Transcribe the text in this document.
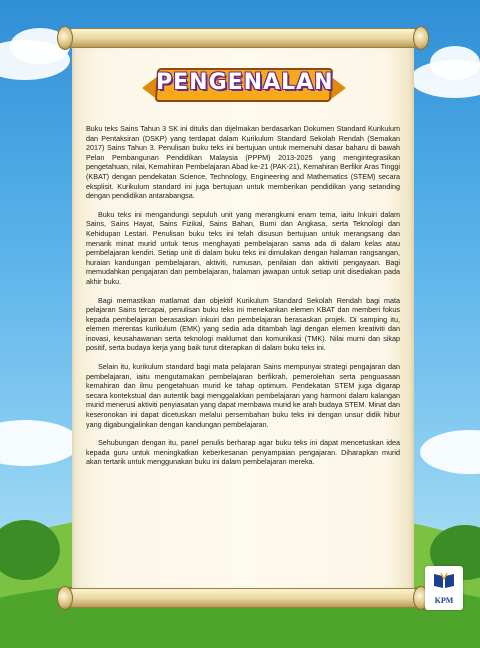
PENGENALAN

Buku teks Sains Tahun 3 SK ini ditulis dan dijelmakan berdasarkan Dokumen Standard Kurikulum dan Pentaksiran (DSKP) yang terdapat dalam Kurikulum Standard Sekolah Rendah (Semakan 2017) Sains Tahun 3. Penulisan buku teks ini bertujuan untuk memenuhi dasar baharu di bawah Pelan Pembangunan Pendidikan Malaysia (PPPM) 2013-2025 yang mengintegrasikan pengetahuan, nilai, Kemahiran Pembelajaran Abad ke-21 (PAK-21), Kemahiran Berfikir Aras Tinggi (KBAT) dengan pendekatan Science, Technology, Engineering and Mathematics (STEM) secara eksplisit. Kurikulum standard ini juga bertujuan untuk memberikan pendidikan yang setanding dengan pendidikan antarabangsa.

Buku teks ini mengandungi sepuluh unit yang merangkumi enam tema, iaitu Inkuiri dalam Sains, Sains Hayat, Sains Fizikal, Sains Bahan, Bumi dan Angkasa, serta Teknologi dan Kehidupan Lestari. Penulisan buku teks ini telah disusun bertujuan untuk merangsang dan menarik minat murid untuk terus menghayati pembelajaran sama ada di dalam kelas atau pembelajaran kendiri. Setiap unit di dalam buku teks ini dimulakan dengan halaman rangsangan, huraian kandungan pembelajaran, aktiviti, rumusan, penilaian dan aktiviti pengayaan. Bagi memudahkan pengajaran dan pembelajaran, halaman jawapan untuk setiap unit disediakan pada akhir buku.

Bagi memastikan matlamat dan objektif Kurikulum Standard Sekolah Rendah bagi mata pelajaran Sains tercapai, penulisan buku teks ini menekankan elemen KBAT dan memberi fokus kepada pembelajaran berasaskan inkuiri dan pembelajaran berasaskan projek. Di samping itu, elemen merentas kurikulum (EMK) yang sedia ada ditambah lagi dengan elemen kreativiti dan inovasi, keusahawanan serta teknologi maklumat dan komunikasi (TMK). Nilai murni dan sikap positif, serta budaya kerja yang baik turut diterapkan di dalam buku teks ini.

Selain itu, kurikulum standard bagi mata pelajaran Sains mempunyai strategi pengajaran dan pembelajaran, iaitu mengutamakan pembelajaran berfikrah, pemerolehan serta penguasaan kemahiran dan ilmu pengetahuan murid ke tahap optimum. Pendekatan STEM juga digarap secara kontekstual dan autentik bagi menggalakkan pembelajaran yang harmoni dalam kalangan murid menerusi aktiviti penyiasatan yang dapat membawa murid ke arah budaya STEM. Minat dan keseronokan ini dapat dicetuskan melalui persembahan buku teks ini dengan unsur didik hibur yang digabungjalinkan dengan kandungan pembelajaran.

Sehubungan dengan itu, panel penulis berharap agar buku teks ini dapat mencetuskan idea kepada guru untuk meningkatkan keberkesanan penyampaian pengajaran. Diharapkan murid akan tertarik untuk menggunakan buku ini dalam pembelajaran mereka.

KPM
